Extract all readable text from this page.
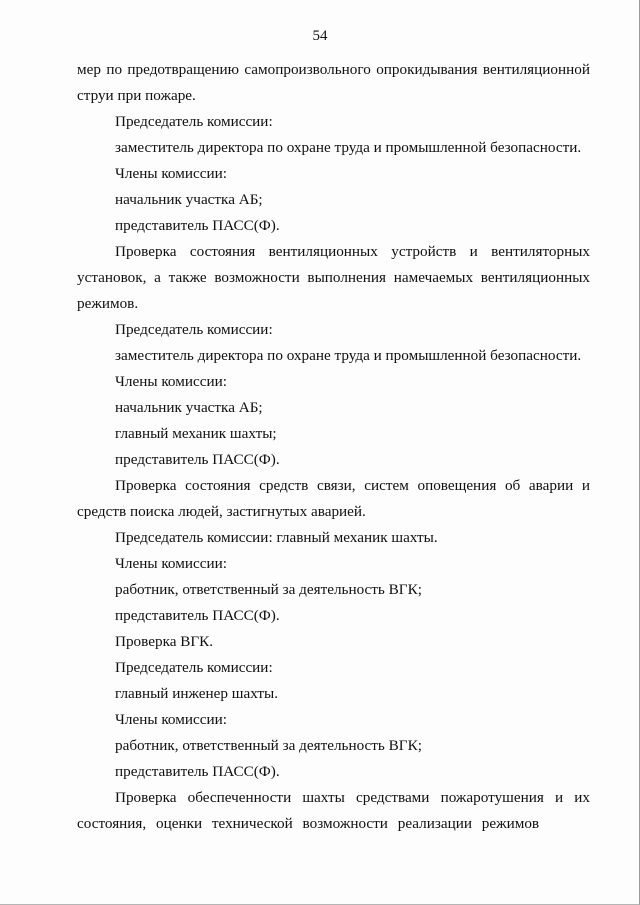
54

мер по предотвращению самопроизвольного опрокидывания вентиляционной струи при пожаре.

Председатель комиссии:

заместитель директора по охране труда и промышленной безопасности.

Члены комиссии:

начальник участка АБ;

представитель ПАСС(Ф).

Проверка состояния вентиляционных устройств и вентиляторных установок, а также возможности выполнения намечаемых вентиляционных режимов.

Председатель комиссии:

заместитель директора по охране труда и промышленной безопасности.

Члены комиссии:

начальник участка АБ;

главный механик шахты;

представитель ПАСС(Ф).

Проверка состояния средств связи, систем оповещения об аварии и средств поиска людей, застигнутых аварией.

Председатель комиссии: главный механик шахты.

Члены комиссии:

работник, ответственный за деятельность ВГК;

представитель ПАСС(Ф).

Проверка ВГК.

Председатель комиссии:

главный инженер шахты.

Члены комиссии:

работник, ответственный за деятельность ВГК;

представитель ПАСС(Ф).

Проверка обеспеченности шахты средствами пожаротушения и их состояния, оценки технической возможности реализации режимов
